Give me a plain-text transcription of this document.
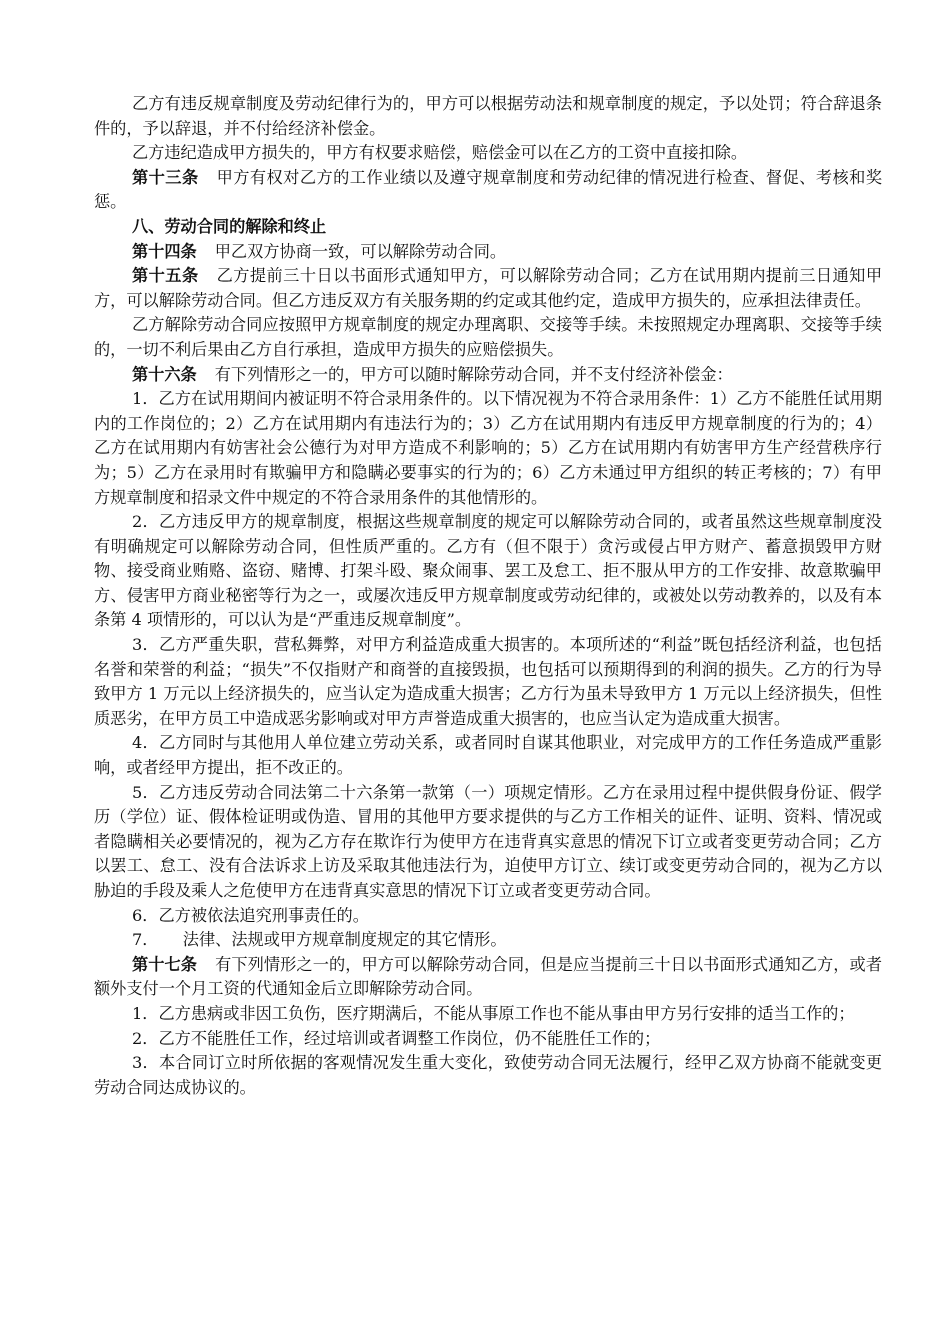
乙方有违反规章制度及劳动纪律行为的，甲方可以根据劳动法和规章制度的规定，予以处罚；符合辞退条件的，予以辞退，并不付给经济补偿金。

乙方违纪造成甲方损失的，甲方有权要求赔偿，赔偿金可以在乙方的工资中直接扣除。

第十三条 甲方有权对乙方的工作业绩以及遵守规章制度和劳动纪律的情况进行检查、督促、考核和奖惩。

八、劳动合同的解除和终止

第十四条 甲乙双方协商一致，可以解除劳动合同。

第十五条 乙方提前三十日以书面形式通知甲方，可以解除劳动合同；乙方在试用期内提前三日通知甲方，可以解除劳动合同。但乙方违反双方有关服务期的约定或其他约定，造成甲方损失的，应承担法律责任。

乙方解除劳动合同应按照甲方规章制度的规定办理离职、交接等手续。未按照规定办理离职、交接等手续的，一切不利后果由乙方自行承担，造成甲方损失的应赔偿损失。

第十六条 有下列情形之一的，甲方可以随时解除劳动合同，并不支付经济补偿金：

1．乙方在试用期间内被证明不符合录用条件的。以下情况视为不符合录用条件：1）乙方不能胜任试用期内的工作岗位的；2）乙方在试用期内有违法行为的；3）乙方在试用期内有违反甲方规章制度的行为的；4）乙方在试用期内有妨害社会公德行为对甲方造成不利影响的；5）乙方在试用期内有妨害甲方生产经营秩序行为；5）乙方在录用时有欺骗甲方和隐瞒必要事实的行为的；6）乙方未通过甲方组织的转正考核的；7）有甲方规章制度和招录文件中规定的不符合录用条件的其他情形的。

2．乙方违反甲方的规章制度，根据这些规章制度的规定可以解除劳动合同的，或者虽然这些规章制度没有明确规定可以解除劳动合同，但性质严重的。乙方有（但不限于）贪污或侵占甲方财产、蓄意损毁甲方财物、接受商业贿赂、盗窃、赌博、打架斗殴、聚众闹事、罢工及怠工、拒不服从甲方的工作安排、故意欺骗甲方、侵害甲方商业秘密等行为之一，或屡次违反甲方规章制度或劳动纪律的，或被处以劳动教养的，以及有本条第 4 项情形的，可以认为是“严重违反规章制度”。

3．乙方严重失职，营私舞弊，对甲方利益造成重大损害的。本项所述的“利益”既包括经济利益，也包括名誉和荣誉的利益；“损失”不仅指财产和商誉的直接毁损，也包括可以预期得到的利润的损失。乙方的行为导致甲方 1 万元以上经济损失的，应当认定为造成重大损害；乙方行为虽未导致甲方 1 万元以上经济损失，但性质恶劣，在甲方员工中造成恶劣影响或对甲方声誉造成重大损害的，也应当认定为造成重大损害。

4．乙方同时与其他用人单位建立劳动关系，或者同时自谋其他职业，对完成甲方的工作任务造成严重影响，或者经甲方提出，拒不改正的。

5．乙方违反劳动合同法第二十六条第一款第（一）项规定情形。乙方在录用过程中提供假身份证、假学历（学位）证、假体检证明或伪造、冒用的其他甲方要求提供的与乙方工作相关的证件、证明、资料、情况或者隐瞒相关必要情况的，视为乙方存在欺诈行为使甲方在违背真实意思的情况下订立或者变更劳动合同；乙方以罢工、怠工、没有合法诉求上访及采取其他违法行为，迫使甲方订立、续订或变更劳动合同的，视为乙方以胁迫的手段及乘人之危使甲方在违背真实意思的情况下订立或者变更劳动合同。

6．乙方被依法追究刑事责任的。

7．　　法律、法规或甲方规章制度规定的其它情形。

第十七条 有下列情形之一的，甲方可以解除劳动合同，但是应当提前三十日以书面形式通知乙方，或者额外支付一个月工资的代通知金后立即解除劳动合同。

1．乙方患病或非因工负伤，医疗期满后，不能从事原工作也不能从事由甲方另行安排的适当工作的；

2．乙方不能胜任工作，经过培训或者调整工作岗位，仍不能胜任工作的；

3．本合同订立时所依据的客观情况发生重大变化，致使劳动合同无法履行，经甲乙双方协商不能就变更劳动合同达成协议的。
